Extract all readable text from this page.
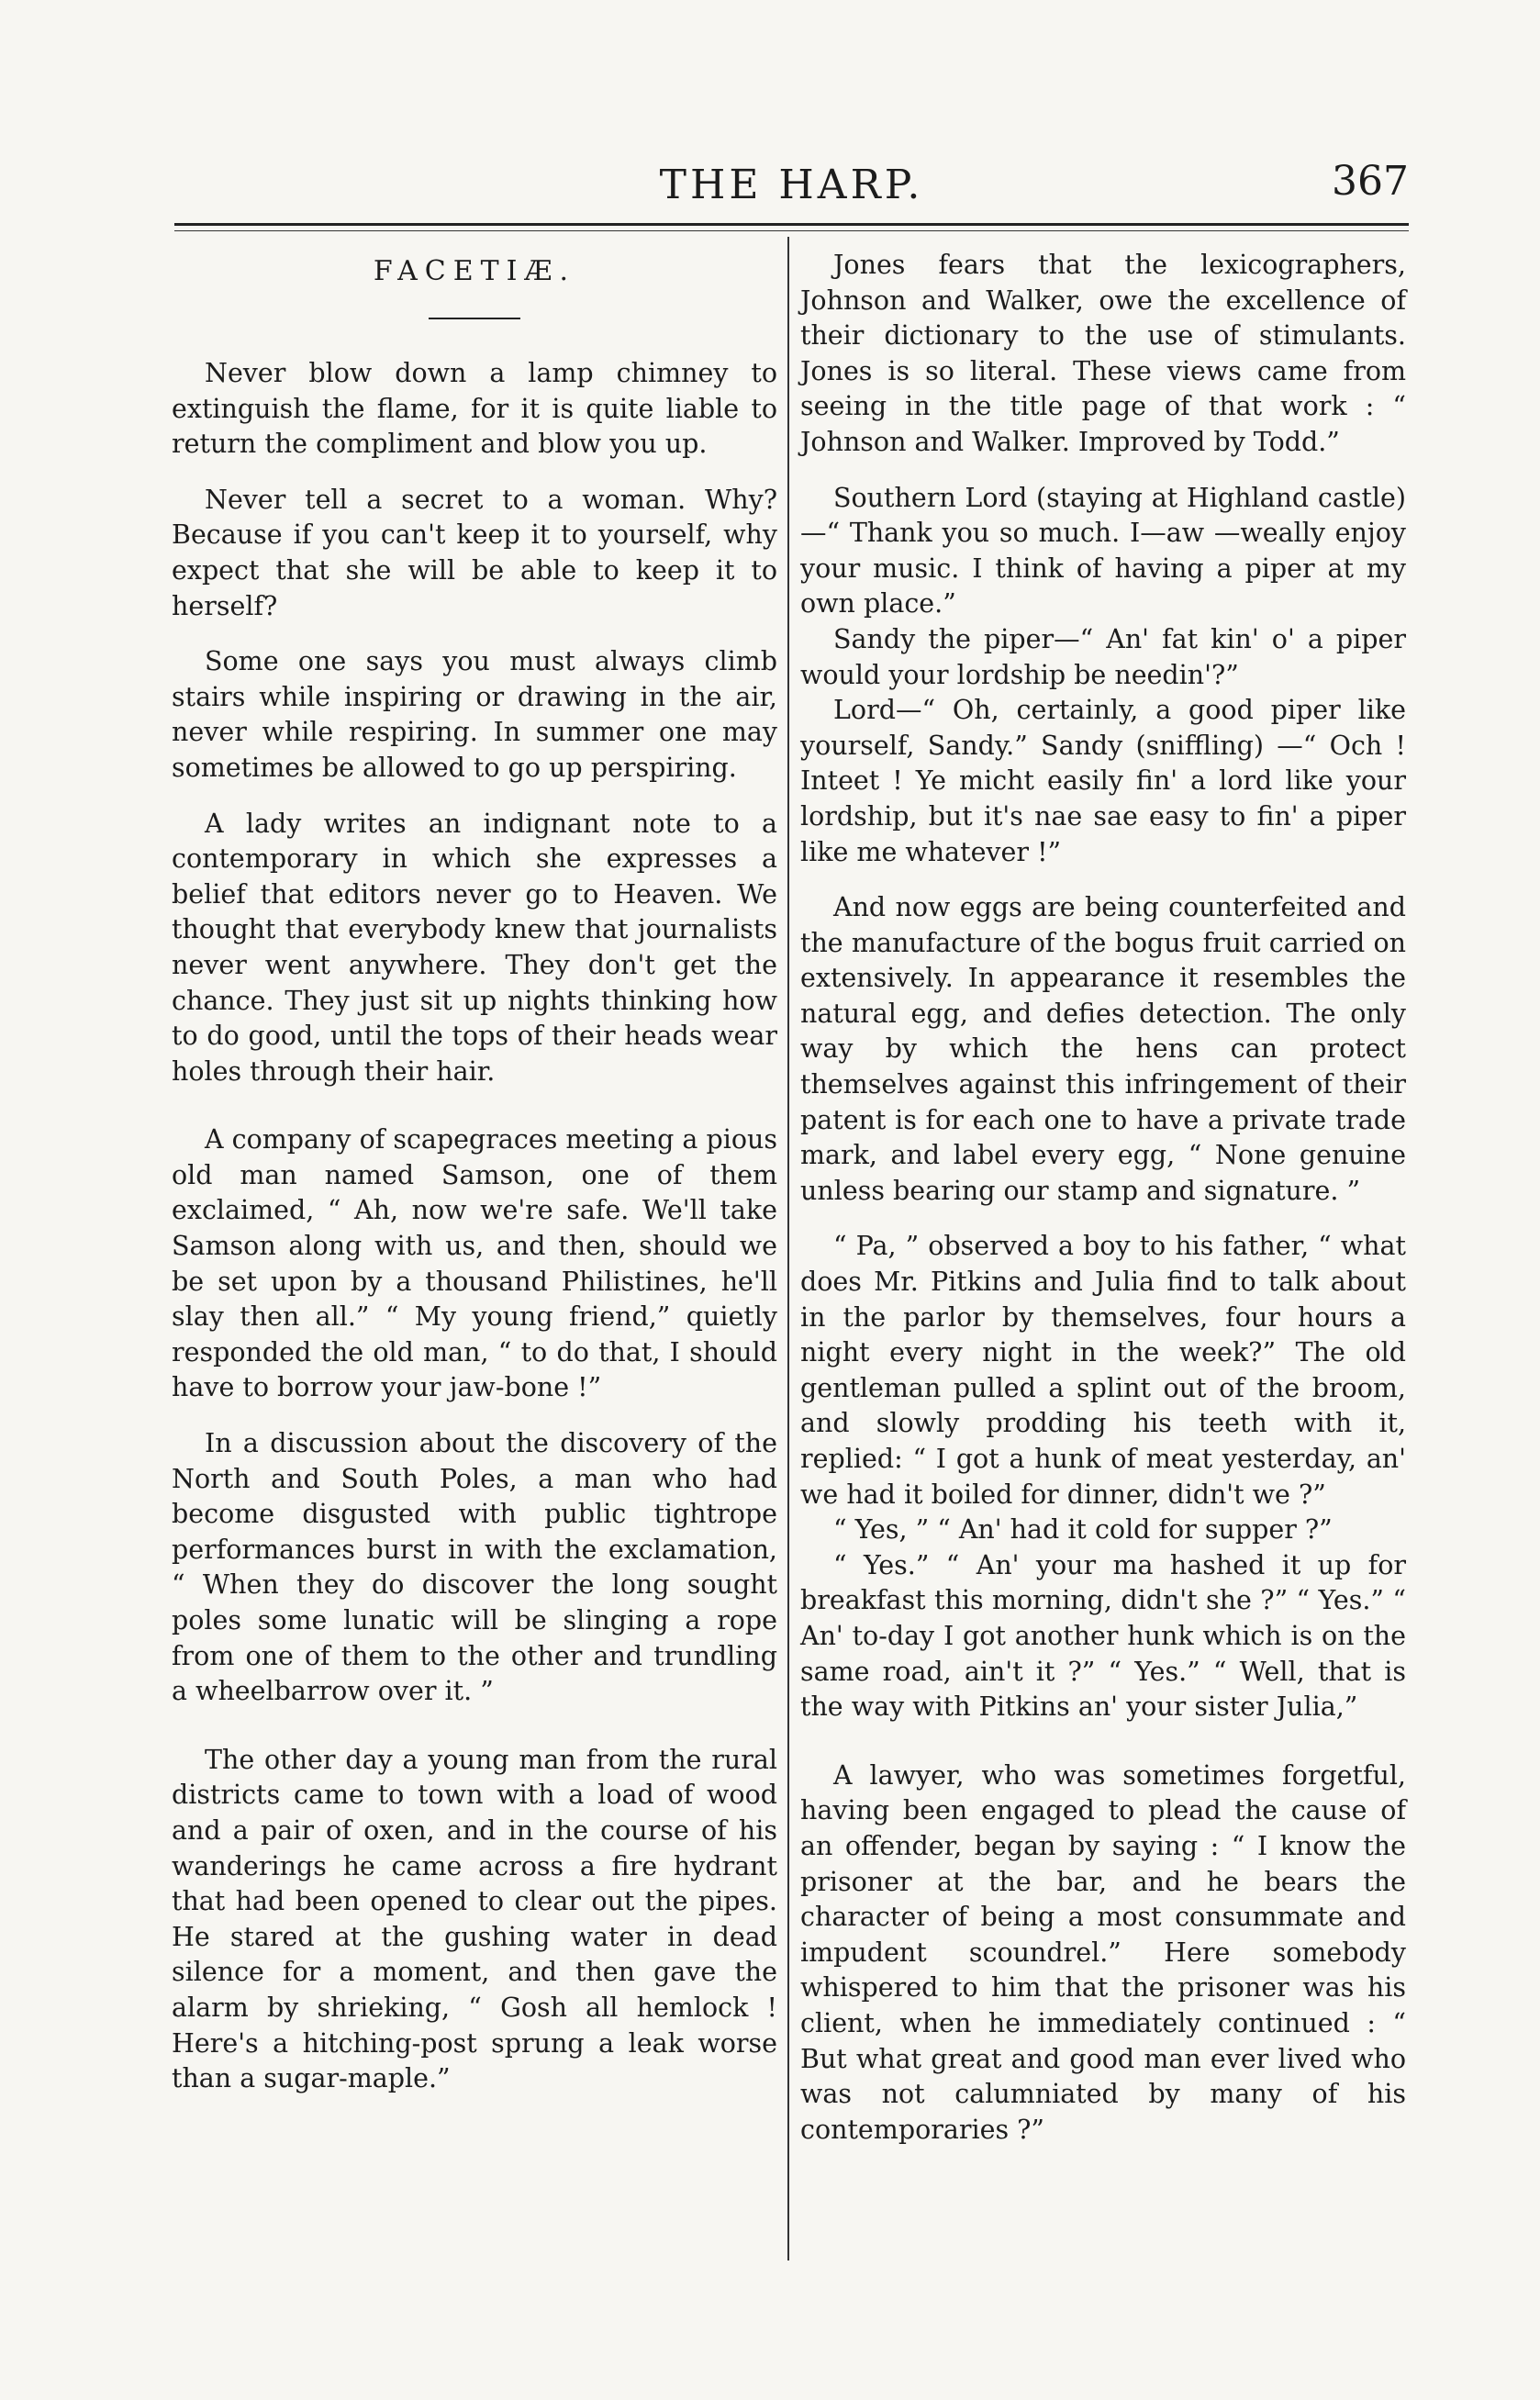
THE HARP.	367
FACETIÆ.

Never blow down a lamp chimney to extinguish the flame, for it is quite liable to return the compliment and blow you up.

Never tell a secret to a woman. Why? Because if you can't keep it to yourself, why expect that she will be able to keep it to herself?

Some one says you must always climb stairs while inspiring or drawing in the air, never while respiring. In summer one may sometimes be allowed to go up perspiring.

A lady writes an indignant note to a contemporary in which she expresses a belief that editors never go to Heaven. We thought that everybody knew that journalists never went anywhere. They don't get the chance. They just sit up nights thinking how to do good, until the tops of their heads wear holes through their hair.

A company of scapegraces meeting a pious old man named Samson, one of them exclaimed, “ Ah, now we're safe. We'll take Samson along with us, and then, should we be set upon by a thousand Philistines, he'll slay then all.” “ My young friend,” quietly responded the old man, “ to do that, I should have to borrow your jaw-bone !”

In a discussion about the discovery of the North and South Poles, a man who had become disgusted with public tightrope performances burst in with the exclamation, “ When they do discover the long sought poles some lunatic will be slinging a rope from one of them to the other and trundling a wheelbarrow over it. ”

The other day a young man from the rural districts came to town with a load of wood and a pair of oxen, and in the course of his wanderings he came across a fire hydrant that had been opened to clear out the pipes. He stared at the gushing water in dead silence for a moment, and then gave the alarm by shrieking, “ Gosh all hemlock ! Here's a hitching-post sprung a leak worse than a sugar-maple.”

Jones fears that the lexicographers, Johnson and Walker, owe the excellence of their dictionary to the use of stimulants. Jones is so literal. These views came from seeing in the title page of that work : “ Johnson and Walker. Improved by Todd.”

Southern Lord (staying at Highland castle) —“ Thank you so much. I—aw —weally enjoy your music. I think of having a piper at my own place.”

Sandy the piper—“ An' fat kin' o' a piper would your lordship be needin'?”

Lord—“ Oh, certainly, a good piper like yourself, Sandy.” Sandy (sniffling) —“ Och ! Inteet ! Ye micht easily fin' a lord like your lordship, but it's nae sae easy to fin' a piper like me whatever !”

And now eggs are being counterfeited and the manufacture of the bogus fruit carried on extensively. In appearance it resembles the natural egg, and defies detection. The only way by which the hens can protect themselves against this infringement of their patent is for each one to have a private trade mark, and label every egg, “ None genuine unless bearing our stamp and signature. ”

“ Pa, ” observed a boy to his father, “ what does Mr. Pitkins and Julia find to talk about in the parlor by themselves, four hours a night every night in the week?” The old gentleman pulled a splint out of the broom, and slowly prodding his teeth with it, replied: “ I got a hunk of meat yesterday, an' we had it boiled for dinner, didn't we ?”

“ Yes, ” “ An' had it cold for supper ?”

“ Yes.” “ An' your ma hashed it up for breakfast this morning, didn't she ?” “ Yes.” “ An' to-day I got another hunk which is on the same road, ain't it ?” “ Yes.” “ Well, that is the way with Pitkins an' your sister Julia,”

A lawyer, who was sometimes forgetful, having been engaged to plead the cause of an offender, began by saying : “ I know the prisoner at the bar, and he bears the character of being a most consummate and impudent scoundrel.” Here somebody whispered to him that the prisoner was his client, when he immediately continued : “ But what great and good man ever lived who was not calumniated by many of his contemporaries ?”
